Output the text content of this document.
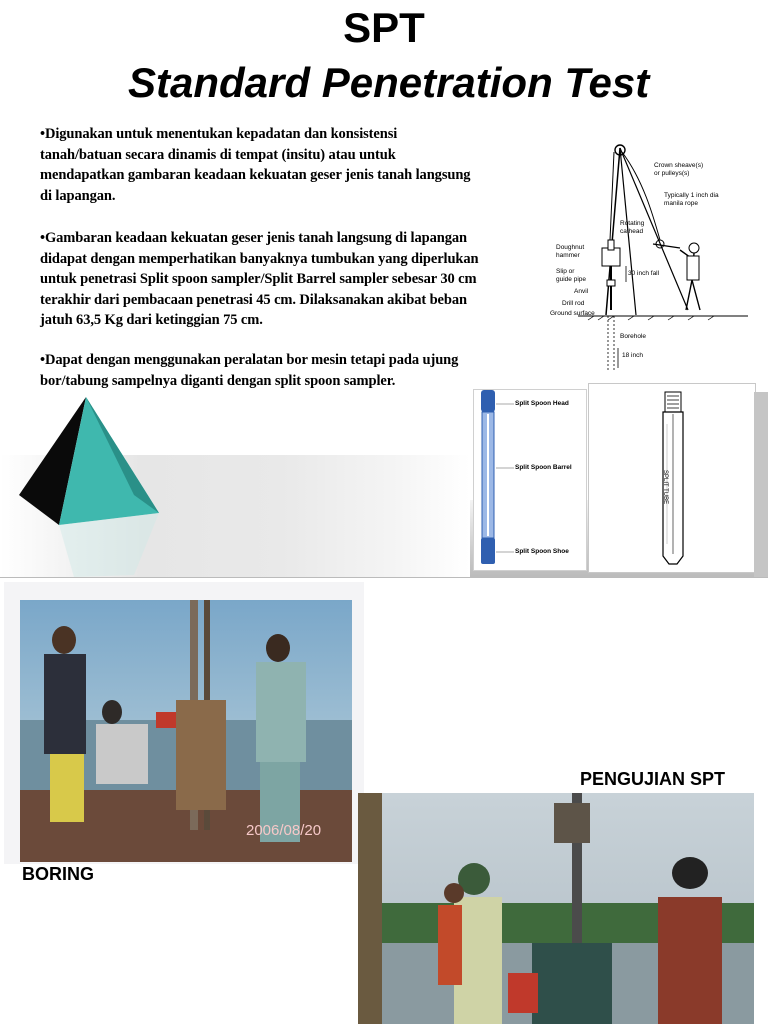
SPT
Standard Penetration Test
•Digunakan untuk menentukan kepadatan dan konsistensi tanah/batuan secara dinamis di tempat (insitu) atau untuk mendapatkan gambaran keadaan kekuatan geser jenis tanah langsung di lapangan.
•Gambaran keadaan kekuatan geser jenis tanah langsung di lapangan didapat dengan memperhatikan banyaknya tumbukan yang diperlukan untuk penetrasi Split spoon sampler/Split Barrel sampler sebesar 30 cm terakhir dari pembacaan penetrasi 45 cm. Dilaksanakan akibat beban jatuh 63,5 Kg dari ketinggian 75 cm.
•Dapat dengan menggunakan peralatan bor mesin tetapi pada ujung bor/tabung sampelnya diganti dengan split spoon sampler.
Crown sheave(s)
or pulleys(s)
Typically 1 inch dia
manila rope
Rotating
cathead
Doughnut
hammer
Slip or
guide pipe
30 inch fall
Anvil
Drill rod
Ground surface
Borehole
18 inch
Split Spoon Head
Split Spoon Barrel
Split Spoon Shoe
SPLIT TUBE
2006/08/20
PENGUJIAN SPT
BORING
